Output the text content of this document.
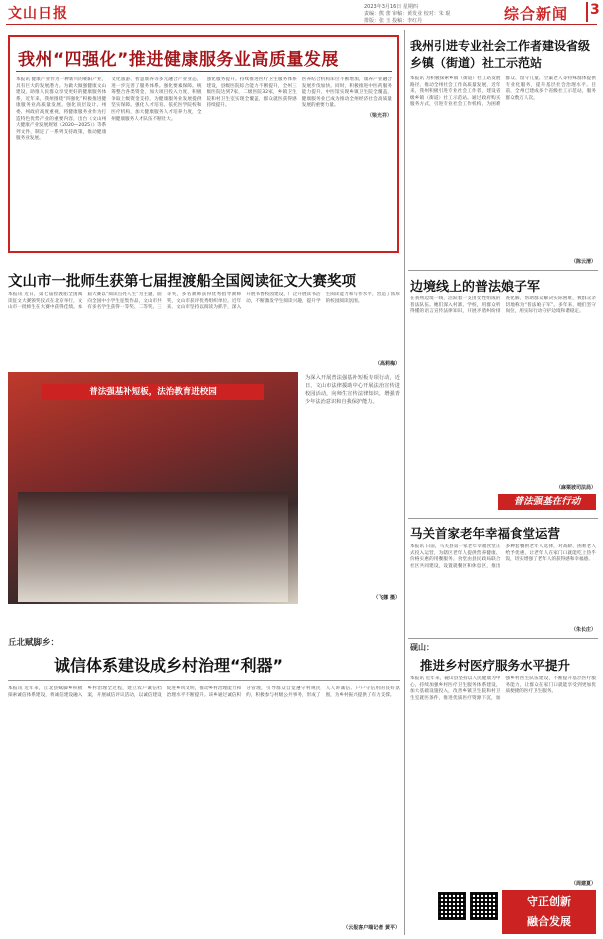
文山日报	2023年3月16日 星期四
责编：熊 蕾 审稿：黄发业 校对：朱 琨
排版：张 玉 投稿：李红丹	综合新闻 3
我州“四强化”推进健康服务业高质量发展
本报讯 健康产业作为一种新兴的朝阳产业，具有巨大的发展潜力。为做大做强健康文山建设，助推人民群众享受更好的健康服务体系，近年来，我州围绕“四强化”积极推进健康服务业高质量发展。强化顶层设计。州委、州政府高度重视，将健康服务业作为打造特色优势产业的重要内容，出台《文山州大健康产业发展规划（2020—2025）》等系列文件，制定了一系列支持政策，推动健康服务业发展。
文化旅游、智慧康养等多元融合产业业态，进一步完善了服务体系。强化要素保障。统筹整合各类资金，加大项目投入力度，积极争取上级资金支持，为健康服务业发展提供坚实保障。强化人才培育。依托医学院校和医疗机构，加大健康服务人才培养力度，全州健康服务人才队伍不断壮大。
强化服务提升。持续推进医疗卫生服务体系建设，县级医院综合能力不断提升，全州三级医院达到7家，二级医院32家，乡镇卫生院和村卫生室实现全覆盖，群众就医获得感持续提升。
医养结合机构床位不断增加，康养产业融合发展步伐加快。同时，积极推进中医药服务能力提升，中医馆实现乡镇卫生院全覆盖，健康服务业已成为推动全州经济社会高质量发展的重要力量。
（梁光祥）
文山市一批师生获第七届捏渡船全国阅读征文大赛奖项
本报讯 近日，第七届捏渡船全国阅读征文大赛颁奖仪式在北京举行，文山市一批师生在大赛中获得佳绩。本届大赛以“阅读点亮人生”为主题，面向全国中小学生征集作品，文山市共有多名学生获得一等奖、二等奖、三等奖，多名教师获得优秀指导教师奖，文山市获评优秀组织单位。近年来，文山市坚持以阅读为抓手，深入开展书香校园建设，广泛开展读书活动，不断激发学生阅读兴趣，提升学生阅读能力和写作水平，营造了浓厚的校园阅读氛围。
（高莉梅）
普法强基补短板，法治教育进校园
为深入开展普法强基补短板专项行动，近日，文山市法律援助中心开展法治宣传进校园活动，向师生宣传法律知识，增强青少年法治意识和自我保护能力。
（飞娜 摄）
丘北赋脚乡：
诚信体系建设成乡村治理“利器”
本报讯 近年来，丘北县赋脚乡积极探索诚信体系建设，将诚信建设融入乡村治理全过程，建立农户诚信档案，开展诚信评议活动，以诚信建设促进乡风文明，推动乡村治理能力和治理水平不断提升。该乡通过诚信积分管理，引导群众自觉遵守村规民约，积极参与村级公共事务，形成了人人讲诚信、户户守信用的良好氛围，为乡村振兴提供了有力支撑。
（云报客户端记者 黄平）
我州引进专业社会工作者建设省级乡镇（街道）社工示范站
本报讯 为积极探索乡镇（街道）社工站发展路径，推动全州社会工作高质量发展，近年来，我州积极引进专业社会工作者，建设省级乡镇（街道）社工示范站。通过政府购买服务方式，引进专业社会工作机构，为困难群众、留守儿童、空巢老人等特殊群体提供专业化服务，提升基层社会治理水平。目前，全州已建成多个省级社工示范站，服务群众数万人次。
（陈云清）
边境线上的普法娘子军
在我州边境一线，活跃着一支由女性组成的普法队伍。她们深入村寨、学校，用群众听得懂的语言宣传法律知识，开展矛盾纠纷排查化解，帮助群众解决实际困难，被群众亲切地称为“普法娘子军”。多年来，她们坚守岗位，用实际行动守护边境和谐稳定。
（麻栗坡司法局）
普法强基在行动
马关首家老年幸福食堂运营
本报讯 日前，马关县第一家老年幸福食堂正式投入运营，为辖区老年人提供营养健康、价格实惠的用餐服务。食堂由县民政局联合社区共同建设，设置就餐区和休息区，推出多种套餐供老年人选择，对高龄、困难老人给予优惠，让老年人在家门口就能吃上热乎饭，切实增强了老年人的获得感和幸福感。
（朱长庄）
砚山：
推进乡村医疗服务水平提升
本报讯 近年来，砚山县坚持以人民健康为中心，持续加强乡村医疗卫生服务体系建设，加大基础设施投入，改善乡镇卫生院和村卫生室就医条件，推进优质医疗资源下沉，加强乡村医生队伍建设，不断提升基层医疗服务能力，让群众在家门口就能享受到更加优质便捷的医疗卫生服务。
（周建夏）
守正创新
融合发展
